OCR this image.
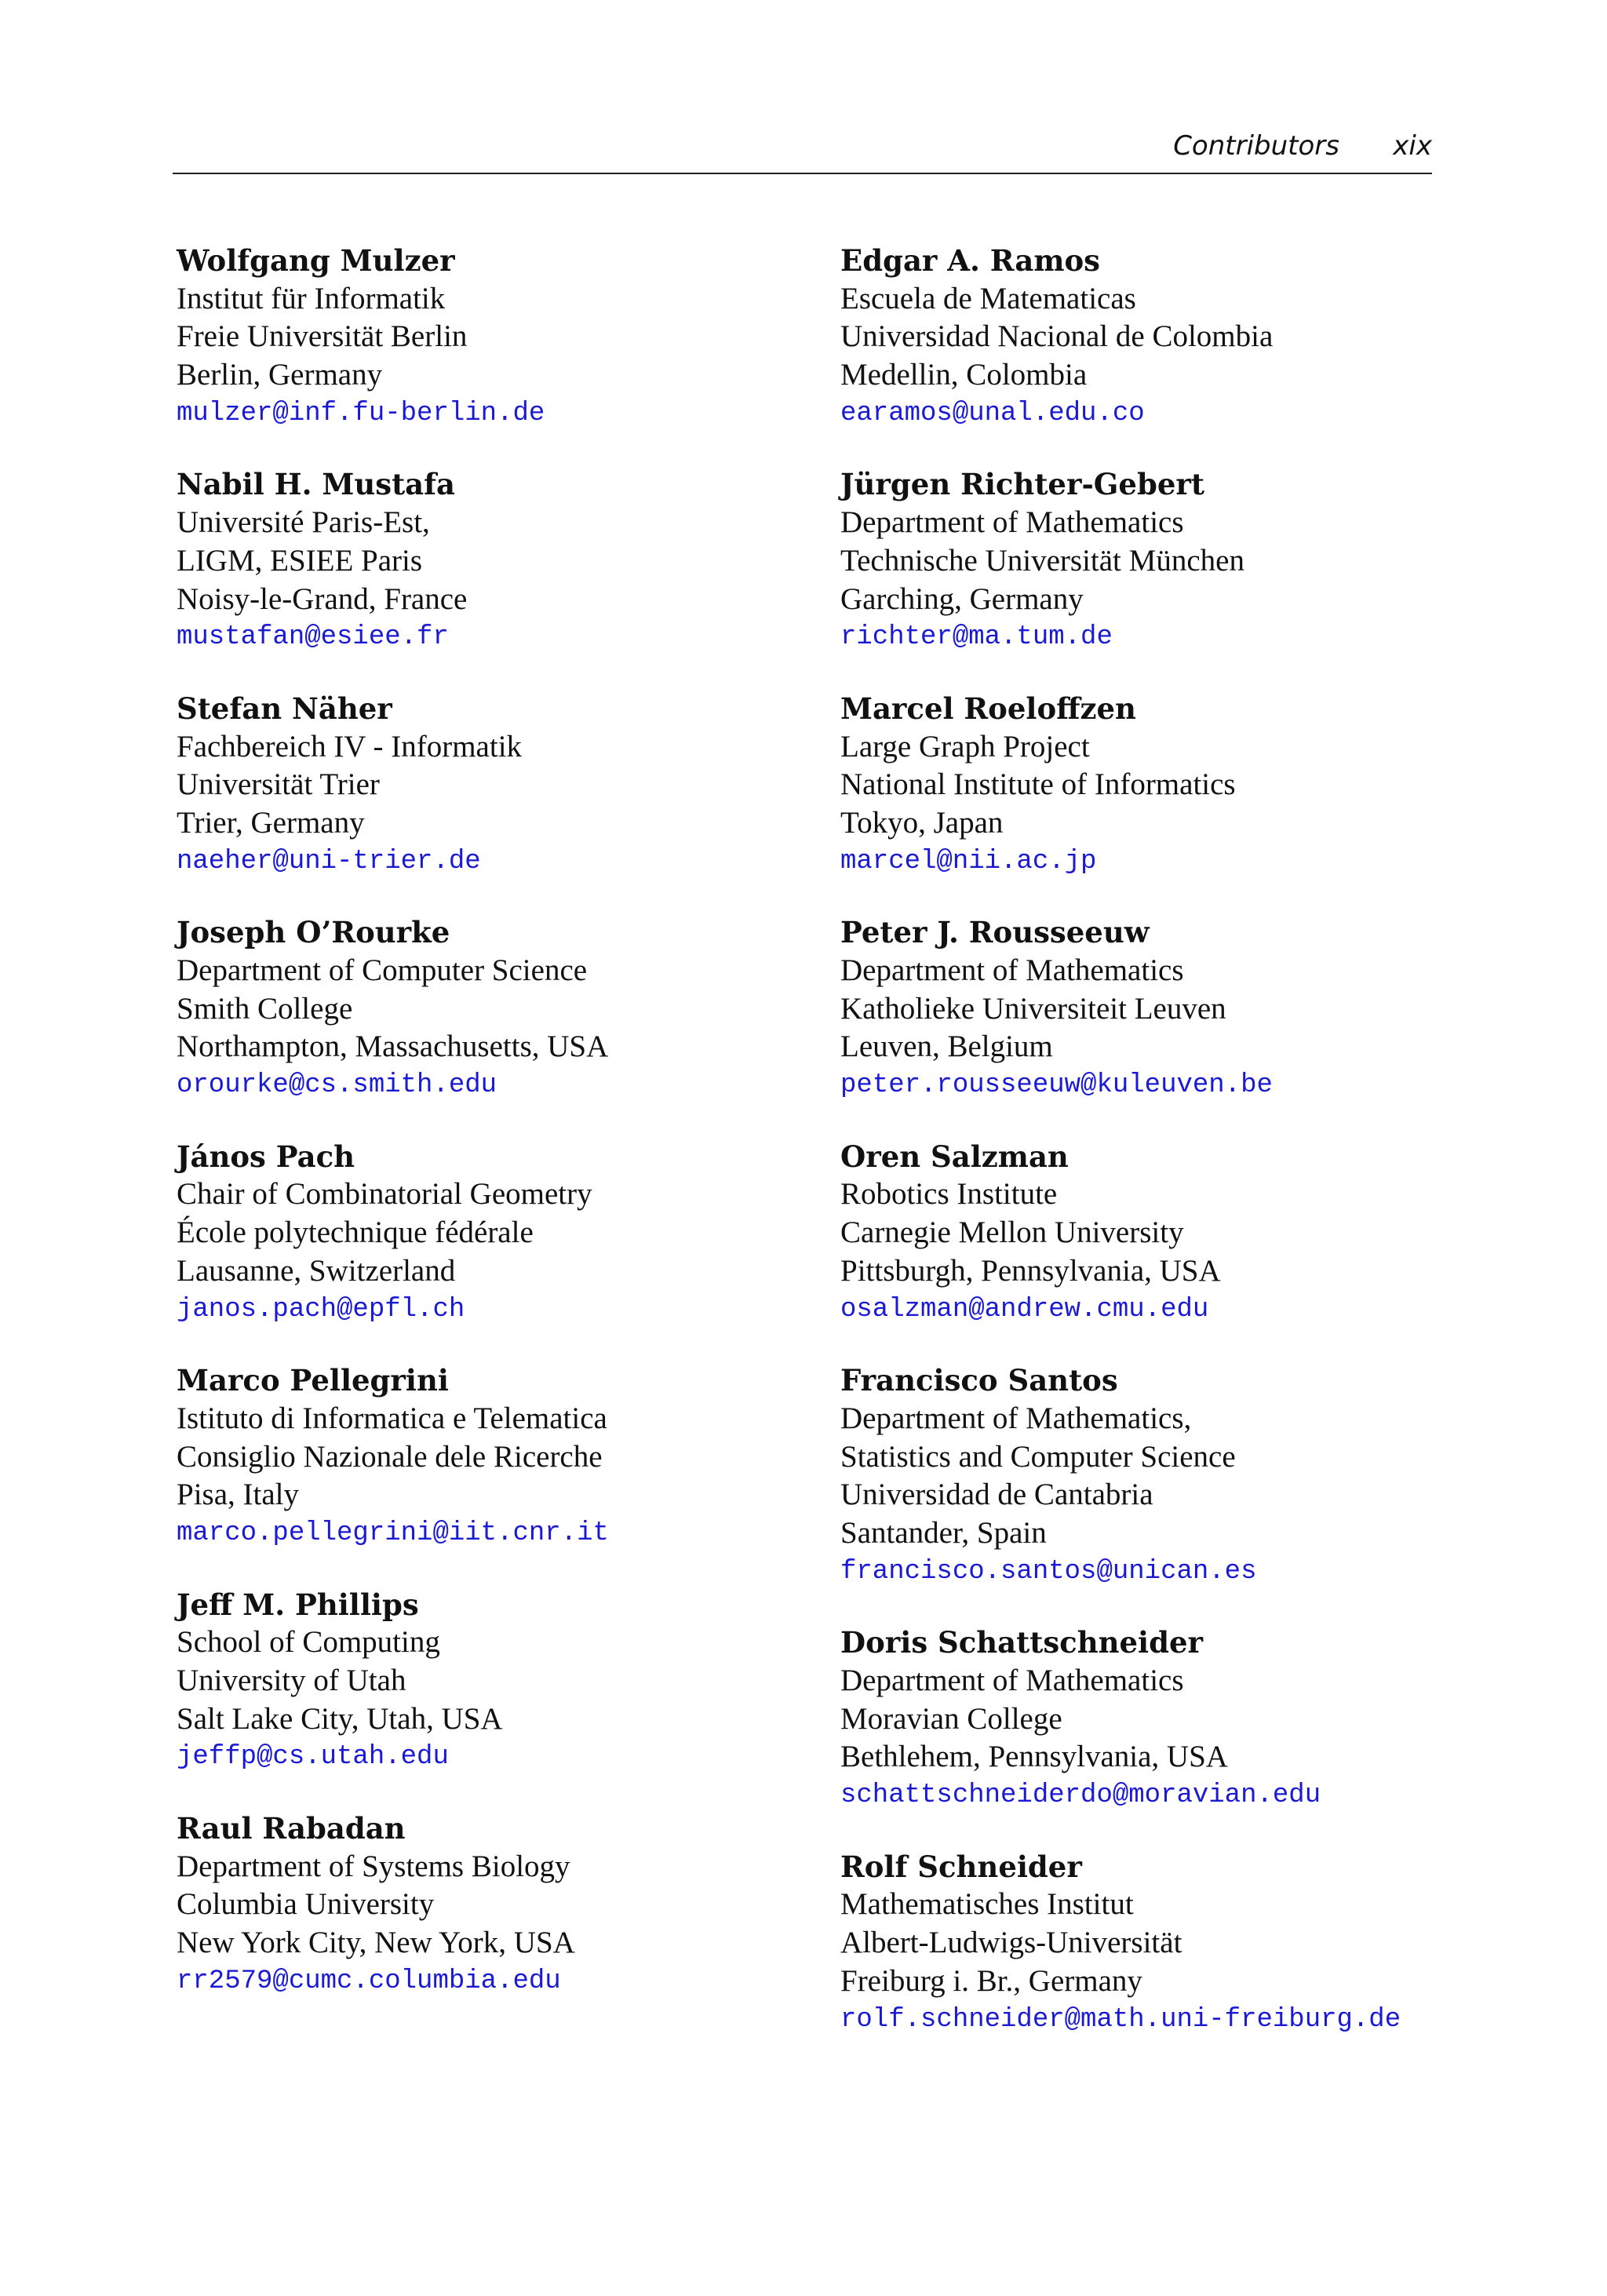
Contributors xix
Wolfgang Mulzer
Institut für Informatik
Freie Universität Berlin
Berlin, Germany
mulzer@inf.fu-berlin.de
Nabil H. Mustafa
Université Paris-Est,
LIGM, ESIEE Paris
Noisy-le-Grand, France
mustafan@esiee.fr
Stefan Näher
Fachbereich IV - Informatik
Universität Trier
Trier, Germany
naeher@uni-trier.de
Joseph O’Rourke
Department of Computer Science
Smith College
Northampton, Massachusetts, USA
orourke@cs.smith.edu
János Pach
Chair of Combinatorial Geometry
École polytechnique fédérale
Lausanne, Switzerland
janos.pach@epfl.ch
Marco Pellegrini
Istituto di Informatica e Telematica
Consiglio Nazionale dele Ricerche
Pisa, Italy
marco.pellegrini@iit.cnr.it
Jeff M. Phillips
School of Computing
University of Utah
Salt Lake City, Utah, USA
jeffp@cs.utah.edu
Raul Rabadan
Department of Systems Biology
Columbia University
New York City, New York, USA
rr2579@cumc.columbia.edu
Edgar A. Ramos
Escuela de Matematicas
Universidad Nacional de Colombia
Medellin, Colombia
earamos@unal.edu.co
Jürgen Richter-Gebert
Department of Mathematics
Technische Universität München
Garching, Germany
richter@ma.tum.de
Marcel Roeloffzen
Large Graph Project
National Institute of Informatics
Tokyo, Japan
marcel@nii.ac.jp
Peter J. Rousseeuw
Department of Mathematics
Katholieke Universiteit Leuven
Leuven, Belgium
peter.rousseeuw@kuleuven.be
Oren Salzman
Robotics Institute
Carnegie Mellon University
Pittsburgh, Pennsylvania, USA
osalzman@andrew.cmu.edu
Francisco Santos
Department of Mathematics,
Statistics and Computer Science
Universidad de Cantabria
Santander, Spain
francisco.santos@unican.es
Doris Schattschneider
Department of Mathematics
Moravian College
Bethlehem, Pennsylvania, USA
schattschneiderdo@moravian.edu
Rolf Schneider
Mathematisches Institut
Albert-Ludwigs-Universität
Freiburg i. Br., Germany
rolf.schneider@math.uni-freiburg.de
